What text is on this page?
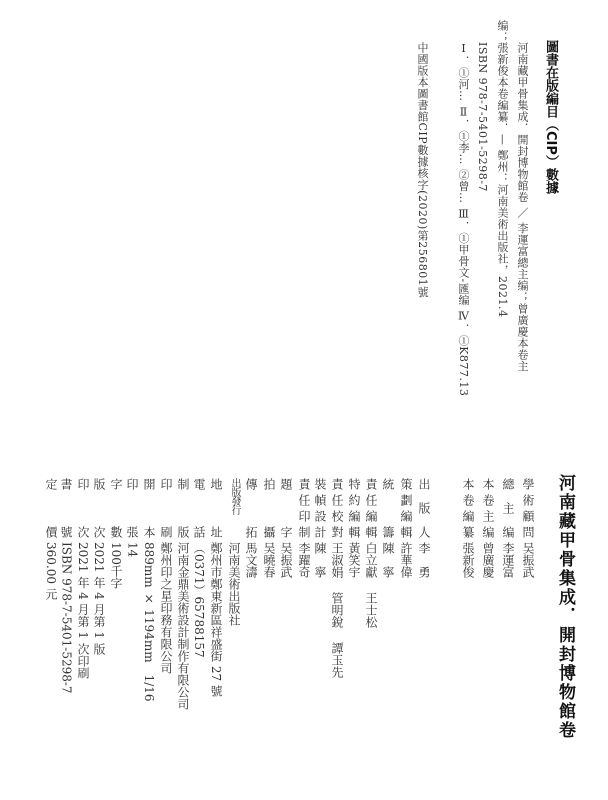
圖書在版編目（CIP）數據
河南藏甲骨集成．開封博物館卷 ／ 李運富總主编；曾廣慶本卷主
编；
張新俊本卷編纂．— 鄭州：河南美術出版社，2021.4
ISBN 978-7-5401-5298-7
Ⅰ．①河… Ⅱ．①李… ②曾… Ⅲ．①甲骨文-匯编 Ⅳ．①K877.13
中國版本圖書館CIP數據核字(2020)第256801號
河南藏甲骨集成．開封博物館卷
學術顧問
吴振武
總主编
李運富
本卷主编
曾廣慶
本卷編纂
張新俊
出版人
李　勇
策劃編輯
許華偉
統籌
陳　寧
責任編輯
白立獻
王士松
特約編輯
黃笑宇
責任校對
王淑娟
管明銳
譚玉先
裝幀設計
陳　寧
責任印制
李躍奇
題字
吴振武
拍攝
吴曉春
傳拓
馬文濤
出版發行
河南美術出版社
地址
鄭州市鄭東新區祥盛街 27 號
電話
（0371）65788157
制版
河南金鼎美術設計制作有限公司
印刷
鄭州印之星印務有限公司
開本
889mm × 1194mm　1/16
印張
14
字數
100千字
版次
2021 年 4 月第 1 版
印次
2021 年 4 月第 1 次印刷
書號
ISBN 978-7-5401-5298-7
定價
360.00 元
